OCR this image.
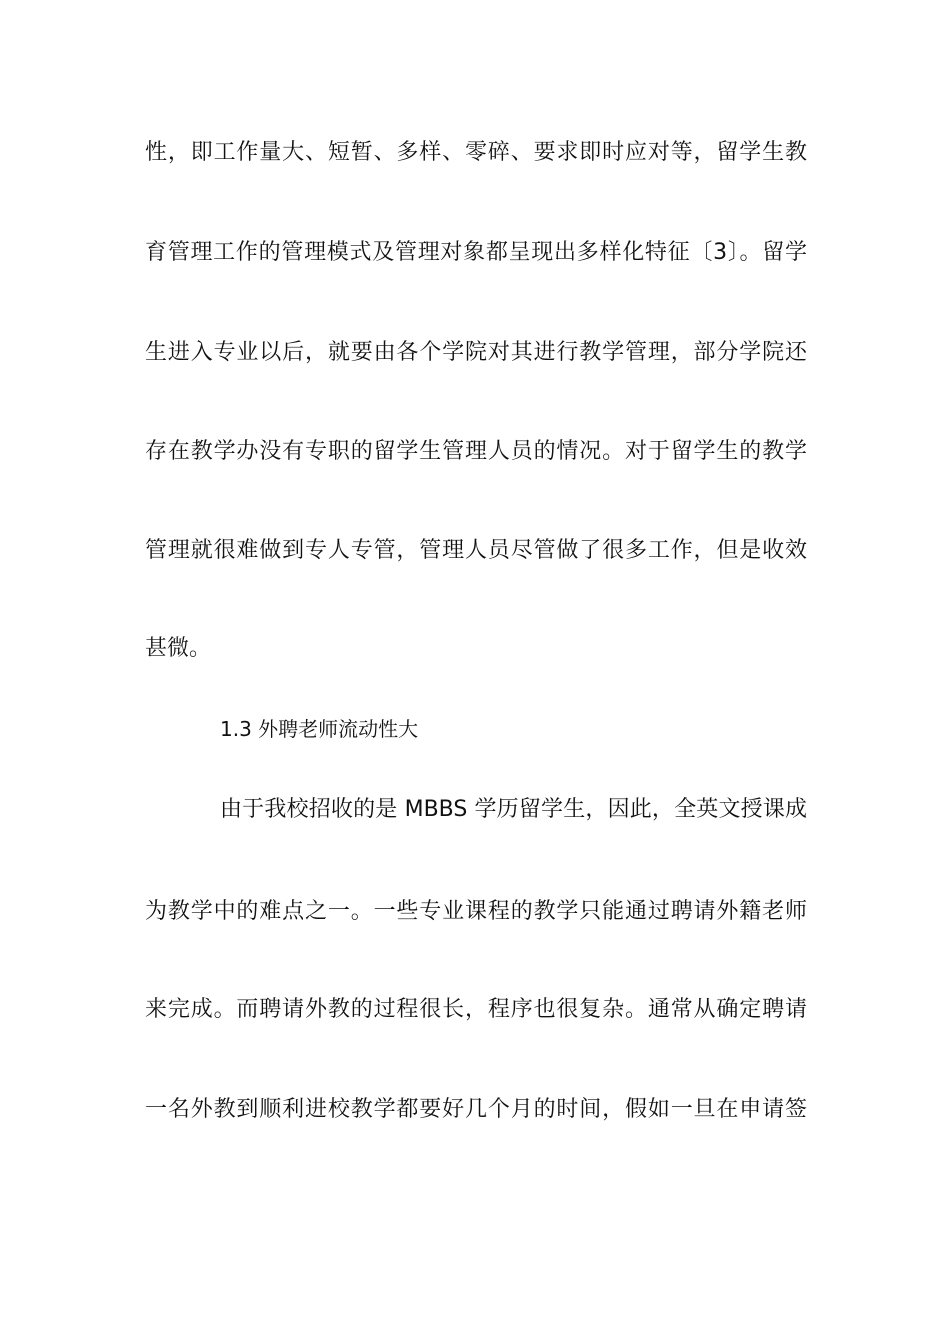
性，即工作量大、短暂、多样、零碎、要求即时应对等，留学生教
育管理工作的管理模式及管理对象都呈现出多样化特征〔3〕。留学
生进入专业以后，就要由各个学院对其进行教学管理，部分学院还
存在教学办没有专职的留学生管理人员的情况。对于留学生的教学
管理就很难做到专人专管，管理人员尽管做了很多工作，但是收效
甚微。
1.3 外聘老师流动性大
由于我校招收的是 MBBS 学历留学生，因此，全英文授课成
为教学中的难点之一。一些专业课程的教学只能通过聘请外籍老师
来完成。而聘请外教的过程很长，程序也很复杂。通常从确定聘请
一名外教到顺利进校教学都要好几个月的时间，假如一旦在申请签
